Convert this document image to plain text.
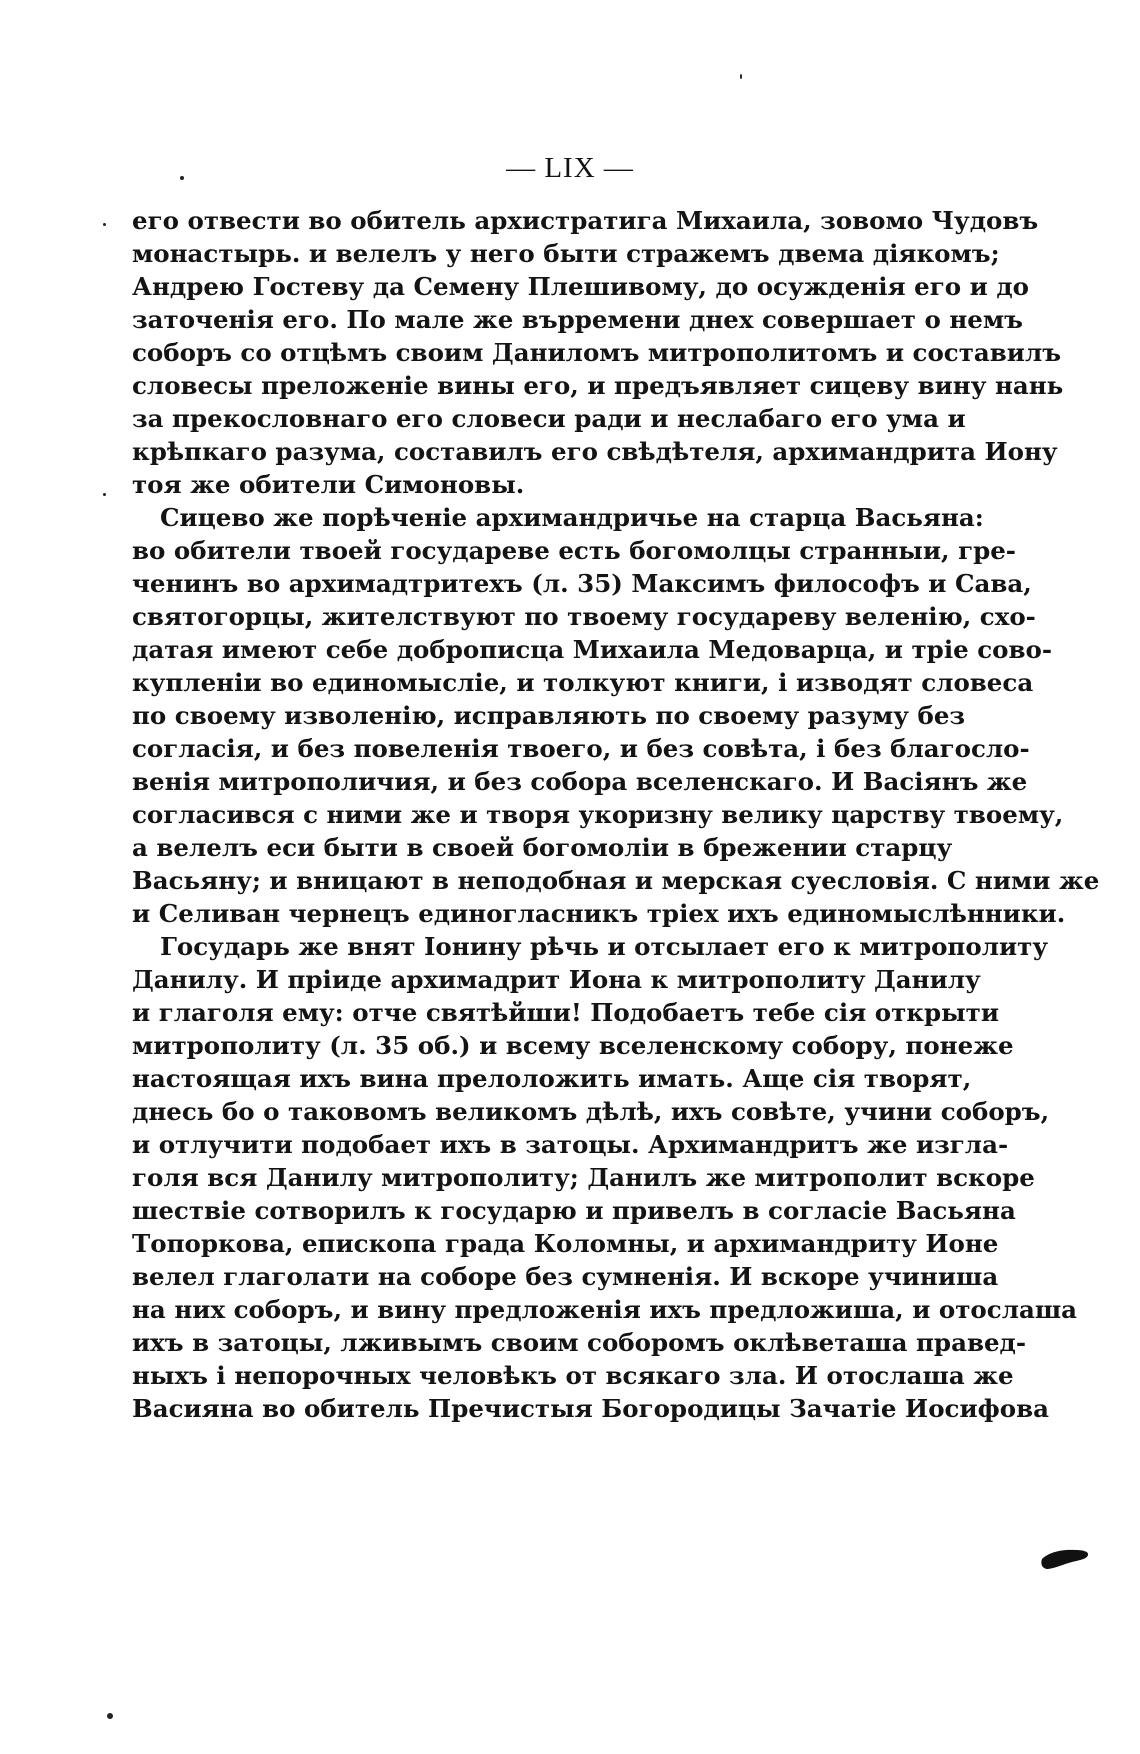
— LIX —
его отвести во обитель архистратига Михаила, зовомо Чудовъ
монастырь. и велелъ у него быти стражемъ двема дiякомъ;
Андрею Гостеву да Семену Плешивому, до осужденiя его и до
заточенiя его. По мале же върремени днех совершает о немъ
соборъ со отцѣмъ своим Даниломъ митрополитомъ и составилъ
словесы преложенiе вины его, и предъявляет сицеву вину нань
за прекословнаго его словеси ради и неслабаго его ума и
крѣпкаго разума, составилъ его свѣдѣтеля, архимандрита Иону
тоя же обители Симоновы.
Сицево же порѣченiе архимандричье на старца Васьяна:
во обители твоей государеве есть богомолцы странныи, гре-
ченинъ во архимадтритехъ (л. 35) Максимъ философъ и Сава,
святогорцы, жителствуют по твоему государеву веленiю, схо-
датая имеют себе доброписца Михаила Медоварца, и трiе сово-
купленiи во единомыслiе, и толкуют книги, i изводят словеса
по своему изволенiю, исправляють по своему разуму без
согласiя, и без повеленiя твоего, и без совѣта, i без благосло-
венiя митрополичия, и без собора вселенскаго. И Васiянъ же
согласився с ними же и творя укоризну велику царству твоему,
а велелъ еси быти в своей богомолiи в брежении старцу
Васьяну; и вницают в неподобная и мерская суесловiя. С ними же
и Селиван чернецъ единогласникъ трiех ихъ единомыслѣнники.
Государь же внят Iонину рѣчь и отсылает его к митрополиту
Данилу. И прiиде архимадрит Иона к митрополиту Данилу
и глаголя ему: отче святѣйши! Подобаетъ тебе сiя открыти
митрополиту (л. 35 об.) и всему вселенскому собору, понеже
настоящая ихъ вина прелоложить имать. Аще сiя творят,
днесь бо о таковомъ великомъ дѣлѣ, ихъ совѣте, учини соборъ,
и отлучити подобает ихъ в затоцы. Архимандритъ же изгла-
голя вся Данилу митрополиту; Данилъ же митрополит вскоре
шествiе сотворилъ к государю и привелъ в согласiе Васьяна
Топоркова, епископа града Коломны, и архимандриту Ионе
велел глаголати на соборе без сумненiя. И вскоре учиниша
на них соборъ, и вину предложенiя ихъ предложиша, и отослаша
ихъ в затоцы, лживымъ своим соборомъ оклѣветаша правед-
ныхъ i непорочных человѣкъ от всякаго зла. И отослаша же
Васияна во обитель Пречистыя Богородицы Зачатiе Иосифова
